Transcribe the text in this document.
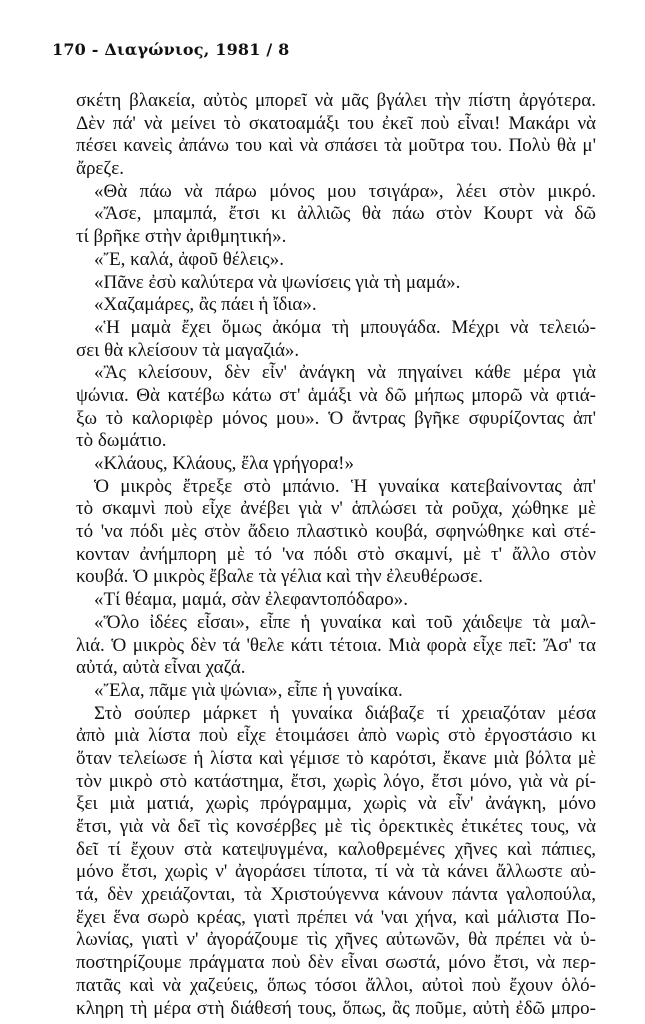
170 - Διαγώνιος, 1981 / 8
σκέτη βλακεία, αὐτὸς μπορεῖ νὰ μᾶς βγάλει τὴν πίστη ἀργότερα.
Δὲν πά' νὰ μείνει τὸ σκατοαμάξι του ἐκεῖ ποὺ εἶναι! Μακάρι νὰ
πέσει κανεὶς ἀπάνω του καὶ νὰ σπάσει τὰ μοῦτρα του. Πολὺ θὰ μ'
ἄρεζε.
«Θὰ πάω νὰ πάρω μόνος μου τσιγάρα», λέει στὸν μικρό.
«Ἄσε, μπαμπά, ἔτσι κι ἀλλιῶς θὰ πάω στὸν Κουρτ νὰ δῶ
τί βρῆκε στὴν ἀριθμητική».
«Ἔ, καλά, ἀφοῦ θέλεις».
«Πᾶνε ἐσὺ καλύτερα νὰ ψωνίσεις γιὰ τὴ μαμά».
«Χαζαμάρες, ἂς πάει ἡ ἴδια».
«Ἡ μαμὰ ἔχει ὅμως ἀκόμα τὴ μπουγάδα. Μέχρι νὰ τελειώ-
σει θὰ κλείσουν τὰ μαγαζιά».
«Ἂς κλείσουν, δὲν εἶν' ἀνάγκη νὰ πηγαίνει κάθε μέρα γιὰ
ψώνια. Θὰ κατέβω κάτω στ' ἁμάξι νὰ δῶ μήπως μπορῶ νὰ φτιά-
ξω τὸ καλοριφὲρ μόνος μου». Ὁ ἄντρας βγῆκε σφυρίζοντας ἀπ'
τὸ δωμάτιο.
«Κλάους, Κλάους, ἔλα γρήγορα!»
Ὁ μικρὸς ἔτρεξε στὸ μπάνιο. Ἡ γυναίκα κατεβαίνοντας ἀπ'
τὸ σκαμνὶ ποὺ εἶχε ἀνέβει γιὰ ν' ἁπλώσει τὰ ροῦχα, χώθηκε μὲ
τό 'να πόδι μὲς στὸν ἄδειο πλαστικὸ κουβά, σφηνώθηκε καὶ στέ-
κονταν ἀνήμπορη μὲ τό 'να πόδι στὸ σκαμνί, μὲ τ' ἄλλο στὸν
κουβά. Ὁ μικρὸς ἔβαλε τὰ γέλια καὶ τὴν ἐλευθέρωσε.
«Τί θέαμα, μαμά, σὰν ἐλεφαντοπόδαρο».
«Ὅλο ἰδέες εἶσαι», εἶπε ἡ γυναίκα καὶ τοῦ χάιδεψε τὰ μαλ-
λιά. Ὁ μικρὸς δὲν τά 'θελε κάτι τέτοια. Μιὰ φορὰ εἶχε πεῖ: Ἄσ' τα
αὐτά, αὐτὰ εἶναι χαζά.
«Ἔλα, πᾶμε γιὰ ψώνια», εἶπε ἡ γυναίκα.
Στὸ σούπερ μάρκετ ἡ γυναίκα διάβαζε τί χρειαζόταν μέσα
ἀπὸ μιὰ λίστα ποὺ εἶχε ἑτοιμάσει ἀπὸ νωρὶς στὸ ἐργοστάσιο κι
ὅταν τελείωσε ἡ λίστα καὶ γέμισε τὸ καρότσι, ἔκανε μιὰ βόλτα μὲ
τὸν μικρὸ στὸ κατάστημα, ἔτσι, χωρὶς λόγο, ἔτσι μόνο, γιὰ νὰ ρί-
ξει μιὰ ματιά, χωρὶς πρόγραμμα, χωρὶς νὰ εἶν' ἀνάγκη, μόνο
ἔτσι, γιὰ νὰ δεῖ τὶς κονσέρβες μὲ τὶς ὀρεκτικὲς ἐτικέτες τους, νὰ
δεῖ τί ἔχουν στὰ κατεψυγμένα, καλοθρεμένες χῆνες καὶ πάπιες,
μόνο ἔτσι, χωρὶς ν' ἀγοράσει τίποτα, τί νὰ τὰ κάνει ἄλλωστε αὐ-
τά, δὲν χρειάζονται, τὰ Χριστούγεννα κάνουν πάντα γαλοπούλα,
ἔχει ἕνα σωρὸ κρέας, γιατὶ πρέπει νά 'ναι χήνα, καὶ μάλιστα Πο-
λωνίας, γιατὶ ν' ἀγοράζουμε τὶς χῆνες αὐτωνῶν, θὰ πρέπει νὰ ὑ-
ποστηρίζουμε πράγματα ποὺ δὲν εἶναι σωστά, μόνο ἔτσι, νὰ περ-
πατᾶς καὶ νὰ χαζεύεις, ὅπως τόσοι ἄλλοι, αὐτοὶ ποὺ ἔχουν ὁλό-
κληρη τὴ μέρα στὴ διάθεσή τους, ὅπως, ἂς ποῦμε, αὐτὴ ἐδῶ μπρο-
